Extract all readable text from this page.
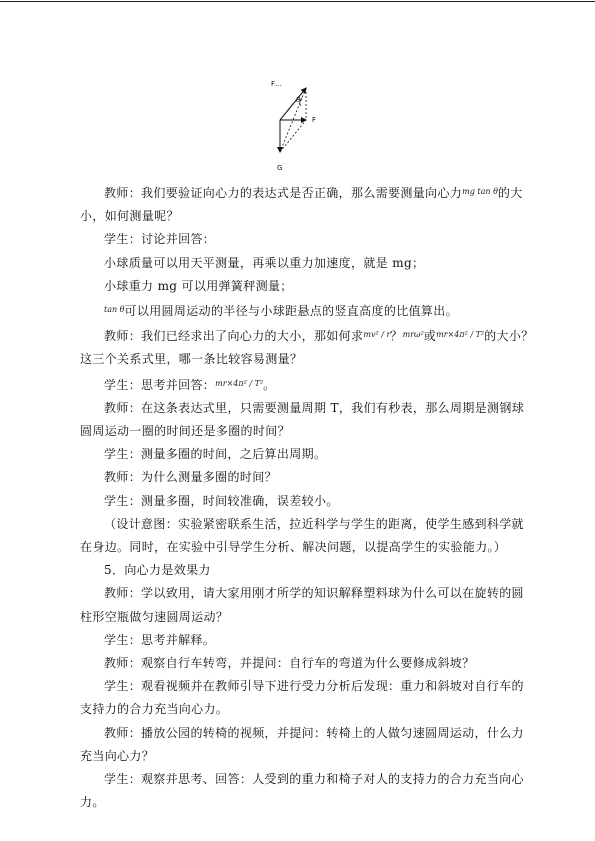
F…
θ
F
G

教师：我们要验证向心力的表达式是否正确，那么需要测量向心力$^{mg tan \theta}$的大小，如何测量呢？

学生：讨论并回答：

小球质量可以用天平测量，再乘以重力加速度，就是 mg；

小球重力 mg 可以用弹簧秤测量；

$^{tan \theta}$可以用圆周运动的半径与小球距悬点的竖直高度的比值算出。

教师：我们已经求出了向心力的大小，那如何求$^{mv^2 / r}$？$^{mr\omega^2}$或$^{mr\times 4\pi^2 / T^2}$的大小？这三个关系式里，哪一条比较容易测量？

学生：思考并回答：$^{mr\times 4\pi^2 / T^2}$。

教师：在这条表达式里，只需要测量周期 T，我们有秒表，那么周期是测钢球圆周运动一圈的时间还是多圈的时间？

学生：测量多圈的时间，之后算出周期。

教师：为什么测量多圈的时间？

学生：测量多圈，时间较准确，误差较小。

（设计意图：实验紧密联系生活，拉近科学与学生的距离，使学生感到科学就在身边。同时，在实验中引导学生分析、解决问题，以提高学生的实验能力。）

5．向心力是效果力

教师：学以致用，请大家用刚才所学的知识解释塑料球为什么可以在旋转的圆柱形空瓶做匀速圆周运动？

学生：思考并解释。

教师：观察自行车转弯，并提问：自行车的弯道为什么要修成斜坡？

学生：观看视频并在教师引导下进行受力分析后发现：重力和斜坡对自行车的支持力的合力充当向心力。

教师：播放公园的转椅的视频，并提问：转椅上的人做匀速圆周运动，什么力充当向心力？

学生：观察并思考、回答：人受到的重力和椅子对人的支持力的合力充当向心力。
